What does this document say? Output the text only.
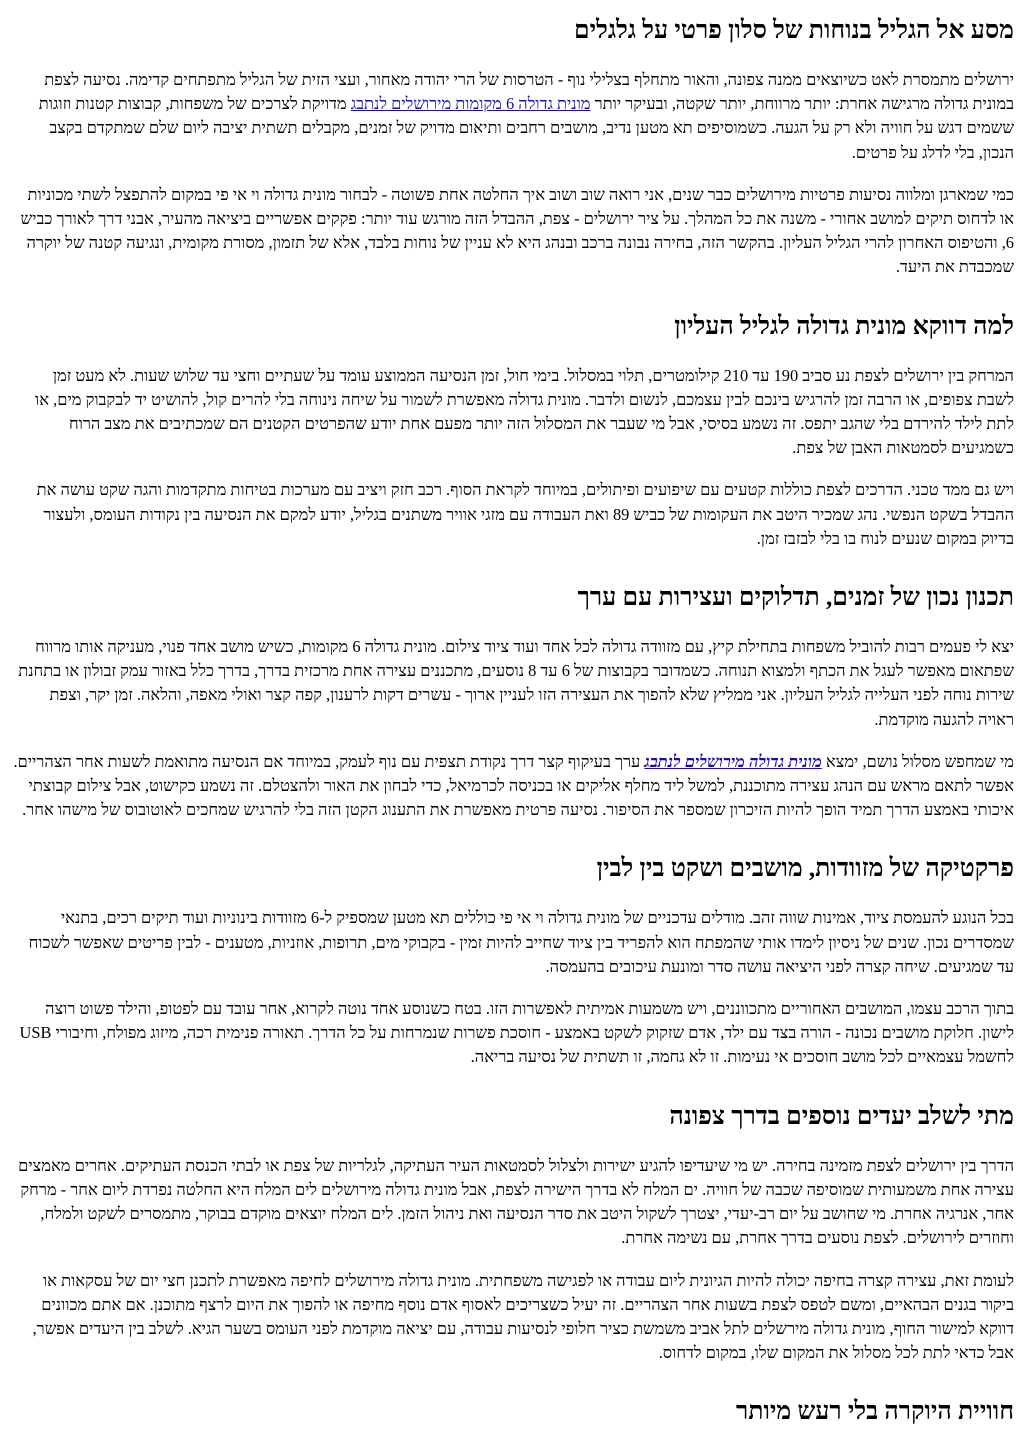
מסע אל הגליל בנוחות של סלון פרטי על גלגלים

ירושלים מתמסרת לאט כשיוצאים ממנה צפונה, והאור מתחלף בצלילי נוף - הטרסות של הרי יהודה מאחור, ועצי הזית של הגליל מתפתחים קדימה. נסיעה לצפת במונית גדולה מרגישה אחרת: יותר מרווחת, יותר שקטה, ובעיקר יותר מונית גדולה 6 מקומות מירושלים לנתבג מדויקת לצרכים של משפחות, קבוצות קטנות וזוגות ששמים דגש על חוויה ולא רק על הגעה. כשמוסיפים תא מטען נדיב, מושבים רחבים ותיאום מדויק של זמנים, מקבלים תשתית יציבה ליום שלם שמתקדם בקצב הנכון, בלי לדלג על פרטים.

כמי שמארגן ומלווה נסיעות פרטיות מירושלים כבר שנים, אני רואה שוב ושוב איך החלטה אחת פשוטה - לבחור מונית גדולה וי אי פי במקום להתפצל לשתי מכוניות או לדחוס תיקים למושב אחורי - משנה את כל המהלך. על ציר ירושלים - צפת, ההבדל הזה מורגש עוד יותר: פקקים אפשריים ביציאה מהעיר, אבני דרך לאורך כביש 6, והטיפוס האחרון להרי הגליל העליון. בהקשר הזה, בחירה נבונה ברכב ובנהג היא לא עניין של נוחות בלבד, אלא של תזמון, מסורת מקומית, ונגיעה קטנה של יוקרה שמכבדת את היעד.

למה דווקא מונית גדולה לגליל העליון

המרחק בין ירושלים לצפת נע סביב 190 עד 210 קילומטרים, תלוי במסלול. בימי חול, זמן הנסיעה הממוצע עומד על שעתיים וחצי עד שלוש שעות. לא מעט זמן לשבת צפופים, או הרבה זמן להרגיש בינכם לבין עצמכם, לנשום ולדבר. מונית גדולה מאפשרת לשמור על שיחה נינוחה בלי להרים קול, להושיט יד לבקבוק מים, או לתת לילד להירדם בלי שהגב יתפס. זה נשמע בסיסי, אבל מי שעבר את המסלול הזה יותר מפעם אחת יודע שהפרטים הקטנים הם שמכתיבים את מצב הרוח כשמגיעים לסמטאות האבן של צפת.

ויש גם ממד טכני. הדרכים לצפת כוללות קטעים עם שיפועים ופיתולים, במיוחד לקראת הסוף. רכב חזק ויציב עם מערכות בטיחות מתקדמות והגה שקט עושה את ההבדל בשקט הנפשי. נהג שמכיר היטב את העקומות של כביש 89 ואת העבודה עם מזגי אוויר משתנים בגליל, יודע למקם את הנסיעה בין נקודות העומס, ולעצור בדיוק במקום שנעים לנוח בו בלי לבזבז זמן.

תכנון נכון של זמנים, תדלוקים ועצירות עם ערך

יצא לי פעמים רבות להוביל משפחות בתחילת קיץ, עם מזוודה גדולה לכל אחד ועוד ציוד צילום. מונית גדולה 6 מקומות, כשיש מושב אחד פנוי, מעניקה אותו מרווח שפתאום מאפשר לעגל את הכתף ולמצוא תנוחה. כשמדובר בקבוצות של 6 עד 8 נוסעים, מתכננים עצירה אחת מרכזית בדרך, בדרך כלל באזור עמק זבולון או בתחנת שירות נוחה לפני העלייה לגליל העליון. אני ממליץ שלא להפוך את העצירה הזו לעניין ארוך - עשרים דקות לרענון, קפה קצר ואולי מאפה, והלאה. זמן יקר, וצפת ראויה להגעה מוקדמת.

מי שמחפש מסלול נושם, ימצא מונית גדולה מירושלים לנתבג ערך בעיקוף קצר דרך נקודת תצפית עם נוף לעמק, במיוחד אם הנסיעה מתואמת לשעות אחר הצהריים. אפשר לתאם מראש עם הנהג עצירה מתוכננת, למשל ליד מחלף אליקים או בכניסה לכרמיאל, כדי לבחון את האור ולהצטלם. זה נשמע כקישוט, אבל צילום קבוצתי איכותי באמצע הדרך תמיד הופך להיות הזיכרון שמספר את הסיפור. נסיעה פרטית מאפשרת את התענוג הקטן הזה בלי להרגיש שמחכים לאוטובוס של מישהו אחר.

פרקטיקה של מזוודות, מושבים ושקט בין לבין

בכל הנוגע להעמסת ציוד, אמינות שווה זהב. מודלים עדכניים של מונית גדולה וי אי פי כוללים תא מטען שמספיק ל-6 מזוודות בינוניות ועוד תיקים רכים, בתנאי שמסדרים נכון. שנים של ניסיון לימדו אותי שהמפתח הוא להפריד בין ציוד שחייב להיות זמין - בקבוקי מים, תרופות, אוזניות, מטענים - לבין פריטים שאפשר לשכוח עד שמגיעים. שיחה קצרה לפני היציאה עושה סדר ומונעת עיכובים בהעמסה.

בתוך הרכב עצמו, המושבים האחוריים מתכווננים, ויש משמעות אמיתית לאפשרות הזו. בטח כשנוסע אחד נוטה לקרוא, אחר עובד עם לפטופ, והילד פשוט רוצה לישון. חלוקת מושבים נכונה - הורה בצד עם ילד, אדם שזקוק לשקט באמצע - חוסכת פשרות שנמרחות על כל הדרך. תאורה פנימית רכה, מיזוג מפולח, וחיבורי USB לחשמל עצמאיים לכל מושב חוסכים אי נעימות. זו לא גחמה, זו תשתית של נסיעה בריאה.

מתי לשלב יעדים נוספים בדרך צפונה

הדרך בין ירושלים לצפת מזמינה בחירה. יש מי שיעדיפו להגיע ישירות ולצלול לסמטאות העיר העתיקה, לגלריות של צפת או לבתי הכנסת העתיקים. אחרים מאמצים עצירה אחת משמעותית שמוסיפה שכבה של חוויה. ים המלח לא בדרך הישירה לצפת, אבל מונית גדולה מירושלים לים המלח היא החלטה נפרדת ליום אחר - מרחק אחר, אנרגיה אחרת. מי שחושב על יום רב-יעדי, יצטרך לשקול היטב את סדר הנסיעה ואת ניהול הזמן. לים המלח יוצאים מוקדם בבוקר, מתמסרים לשקט ולמלח, וחוזרים לירושלים. לצפת נוסעים בדרך אחרת, עם נשימה אחרת.

לעומת זאת, עצירה קצרה בחיפה יכולה להיות הגיונית ליום עבודה או לפגישה משפחתית. מונית גדולה מירושלים לחיפה מאפשרת לתכנן חצי יום של עסקאות או ביקור בגנים הבהאיים, ומשם לטפס לצפת בשעות אחר הצהריים. זה יעיל כשצריכים לאסוף אדם נוסף מחיפה או להפוך את היום לרצף מתוכנן. אם אתם מכוונים דווקא למישור החוף, מונית גדולה מירשלים לתל אביב משמשת כציר חלופי לנסיעות עבודה, עם יציאה מוקדמת לפני העומס בשער הגיא. לשלב בין היעדים אפשר, אבל כדאי לתת לכל מסלול את המקום שלו, במקום לדחוס.

חוויית היוקרה בלי רעש מיותר
